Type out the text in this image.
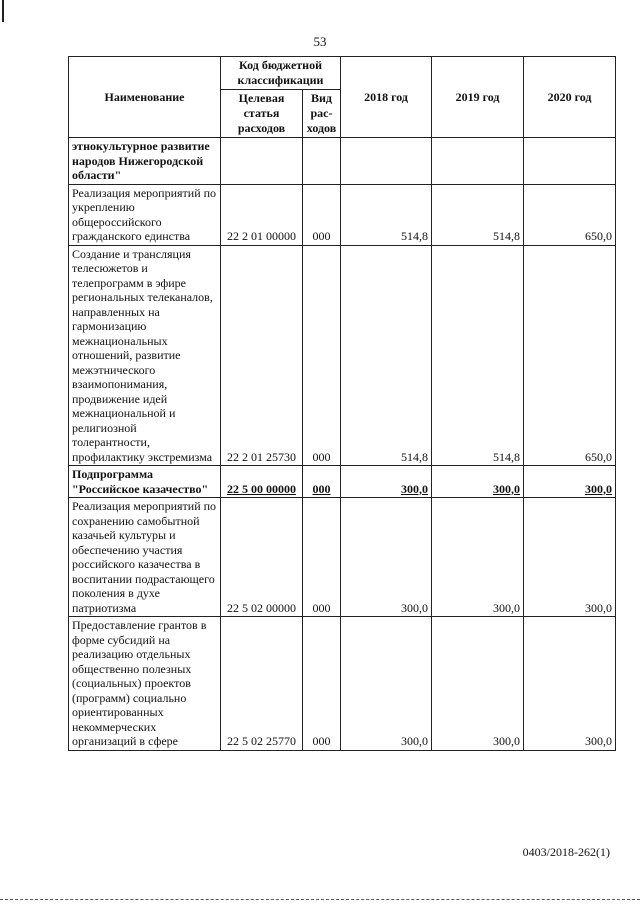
53
Наименование	Код бюджетной классификации		2018 год	2019 год	2020 год
	Целевая статья расходов	Вид рас-ходов			
этнокультурное развитие народов Нижегородской области"					
Реализация мероприятий по укреплению общероссийского гражданского единства	22 2 01 00000	000	514,8	514,8	650,0
Создание и трансляция телесюжетов и телепрограмм в эфире региональных телеканалов, направленных на гармонизацию межнациональных отношений, развитие межэтнического взаимопонимания, продвижение идей межнациональной и религиозной толерантности, профилактику экстремизма	22 2 01 25730	000	514,8	514,8	650,0
Подпрограмма "Российское казачество"	22 5 00 00000	000	300,0	300,0	300,0
Реализация мероприятий по сохранению самобытной казачьей культуры и обеспечению участия российского казачества в воспитании подрастающего поколения в духе патриотизма	22 5 02 00000	000	300,0	300,0	300,0
Предоставление грантов в форме субсидий на реализацию отдельных общественно полезных (социальных) проектов (программ) социально ориентированных некоммерческих организаций в сфере	22 5 02 25770	000	300,0	300,0	300,0
0403/2018-262(1)
